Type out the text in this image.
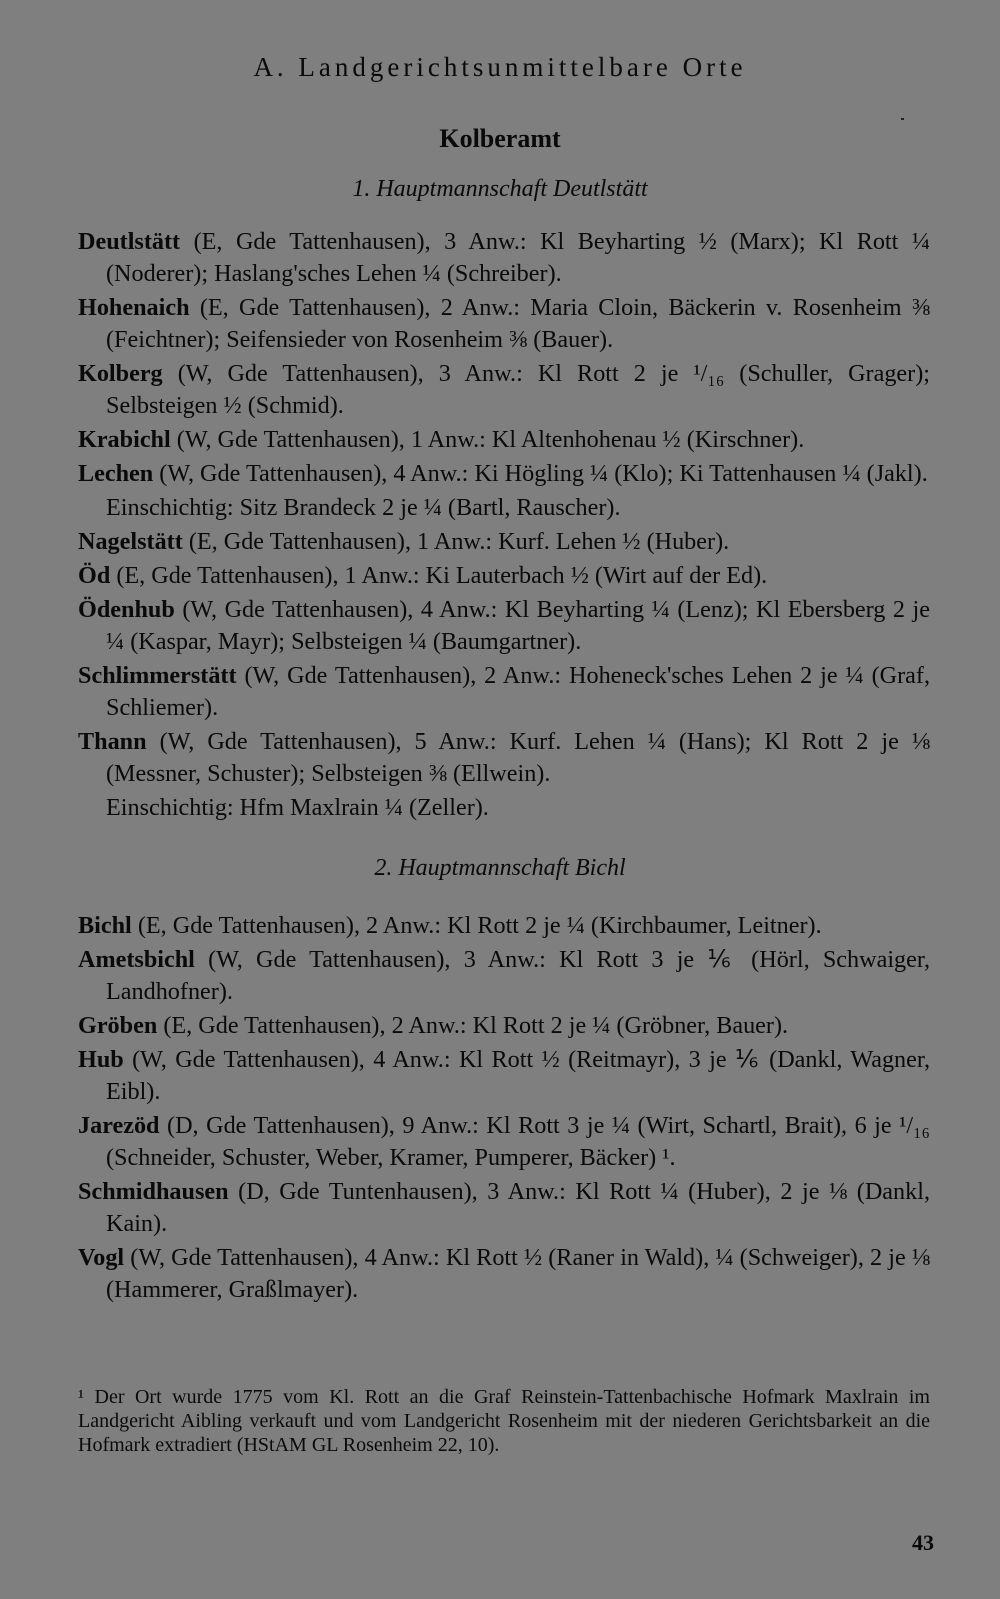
A. Landgerichtsunmittelbare Orte
Kolberamt
1. Hauptmannschaft Deutlstätt

Deutlstätt (E, Gde Tattenhausen), 3 Anw.: Kl Beyharting ½ (Marx); Kl Rott ¼ (Noderer); Haslang'sches Lehen ¼ (Schreiber).

Hohenaich (E, Gde Tattenhausen), 2 Anw.: Maria Cloin, Bäckerin v. Rosenheim ⅜ (Feichtner); Seifensieder von Rosenheim ⅜ (Bauer).

Kolberg (W, Gde Tattenhausen), 3 Anw.: Kl Rott 2 je ¹/₁₆ (Schuller, Grager); Selbsteigen ½ (Schmid).

Krabichl (W, Gde Tattenhausen), 1 Anw.: Kl Altenhohenau ½ (Kirschner).

Lechen (W, Gde Tattenhausen), 4 Anw.: Ki Högling ¼ (Klo); Ki Tattenhausen ¼ (Jakl).

Einschichtig: Sitz Brandeck 2 je ¼ (Bartl, Rauscher).

Nagelstätt (E, Gde Tattenhausen), 1 Anw.: Kurf. Lehen ½ (Huber).

Öd (E, Gde Tattenhausen), 1 Anw.: Ki Lauterbach ½ (Wirt auf der Ed).

Ödenhub (W, Gde Tattenhausen), 4 Anw.: Kl Beyharting ¼ (Lenz); Kl Ebersberg 2 je ¼ (Kaspar, Mayr); Selbsteigen ¼ (Baumgartner).

Schlimmerstätt (W, Gde Tattenhausen), 2 Anw.: Hoheneck'sches Lehen 2 je ¼ (Graf, Schliemer).

Thann (W, Gde Tattenhausen), 5 Anw.: Kurf. Lehen ¼ (Hans); Kl Rott 2 je ⅛ (Messner, Schuster); Selbsteigen ⅜ (Ellwein).

Einschichtig: Hfm Maxlrain ¼ (Zeller).

2. Hauptmannschaft Bichl

Bichl (E, Gde Tattenhausen), 2 Anw.: Kl Rott 2 je ¼ (Kirchbaumer, Leitner).

Ametsbichl (W, Gde Tattenhausen), 3 Anw.: Kl Rott 3 je ⅙ (Hörl, Schwaiger, Landhofner).

Gröben (E, Gde Tattenhausen), 2 Anw.: Kl Rott 2 je ¼ (Gröbner, Bauer).

Hub (W, Gde Tattenhausen), 4 Anw.: Kl Rott ½ (Reitmayr), 3 je ⅙ (Dankl, Wagner, Eibl).

Jarezöd (D, Gde Tattenhausen), 9 Anw.: Kl Rott 3 je ¼ (Wirt, Schartl, Brait), 6 je ¹/₁₆ (Schneider, Schuster, Weber, Kramer, Pumperer, Bäcker) ¹.

Schmidhausen (D, Gde Tuntenhausen), 3 Anw.: Kl Rott ¼ (Huber), 2 je ⅛ (Dankl, Kain).

Vogl (W, Gde Tattenhausen), 4 Anw.: Kl Rott ½ (Raner in Wald), ¼ (Schweiger), 2 je ⅛ (Hammerer, Graßlmayer).

¹ Der Ort wurde 1775 vom Kl. Rott an die Graf Reinstein-Tattenbachische Hofmark Maxlrain im Landgericht Aibling verkauft und vom Landgericht Rosenheim mit der niederen Gerichtsbarkeit an die Hofmark extradiert (HStAM GL Rosenheim 22, 10).
43
